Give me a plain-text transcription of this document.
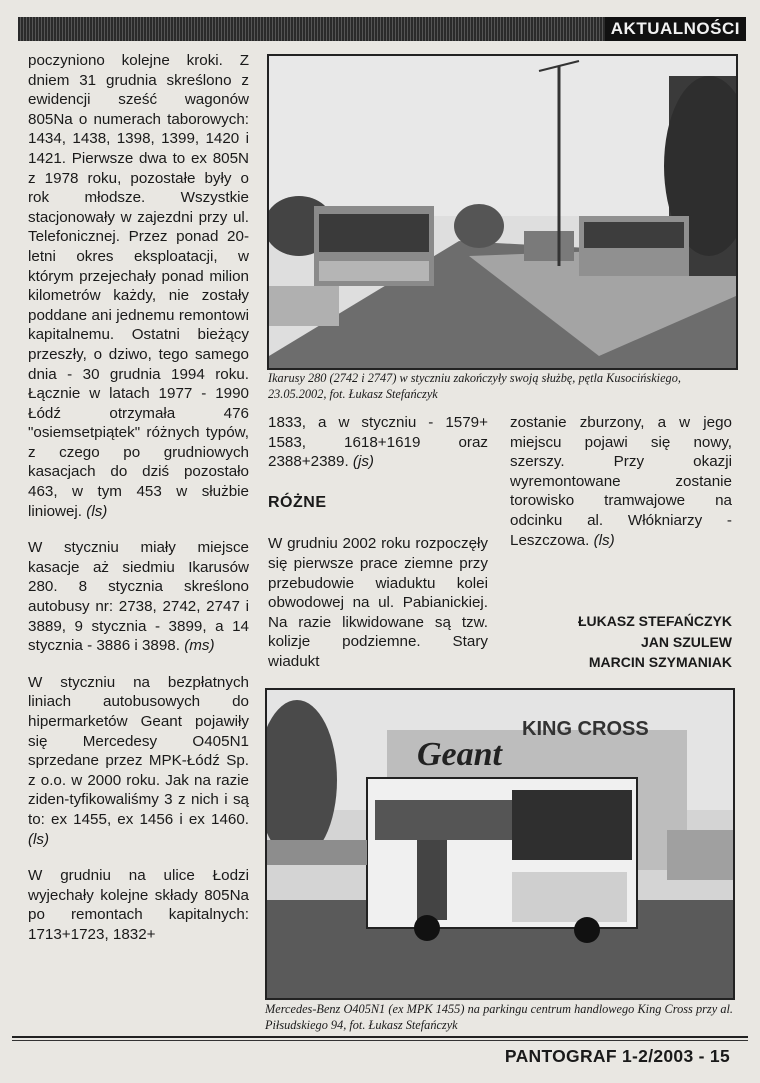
AKTUALNOŚCI

poczyniono kolejne kroki. Z dniem 31 grudnia skreślono z ewidencji sześć wagonów 805Na o numerach taborowych: 1434, 1438, 1398, 1399, 1420 i 1421. Pierwsze dwa to ex 805N z 1978 roku, pozostałe były o rok młodsze. Wszystkie stacjonowały w zajezdni przy ul. Telefonicznej. Przez ponad 20-letni okres eksploatacji, w którym przejechały ponad milion kilometrów każdy, nie zostały poddane ani jednemu remontowi kapitalnemu. Ostatni bieżący przeszły, o dziwo, tego samego dnia - 30 grudnia 1994 roku. Łącznie w latach 1977 - 1990 Łódź otrzymała 476 "osiemsetpiątek" różnych typów, z czego po grudniowych kasacjach do dziś pozostało 463, w tym 453 w służbie liniowej. (ls)

W styczniu miały miejsce kasacje aż siedmiu Ikarusów 280. 8 stycznia skreślono autobusy nr: 2738, 2742, 2747 i 3889, 9 stycznia - 3899, a 14 stycznia - 3886 i 3898. (ms)

W styczniu na bezpłatnych liniach autobusowych do hipermarketów Geant pojawiły się Mercedesy O405N1 sprzedane przez MPK-Łódź Sp. z o.o. w 2000 roku. Jak na razie ziden-tyfikowaliśmy 3 z nich i są to: ex 1455, ex 1456 i ex 1460. (ls)

W grudniu na ulice Łodzi wyjechały kolejne składy 805Na po remontach kapitalnych: 1713+1723, 1832+

Ikarusy 280 (2742 i 2747) w styczniu zakończyły swoją służbę, pętla Kusocińskiego, 23.05.2002, fot. Łukasz Stefańczyk

1833, a w styczniu - 1579+ 1583, 1618+1619 oraz 2388+2389. (js)

RÓŻNE

W grudniu 2002 roku rozpoczęły się pierwsze prace ziemne przy przebudowie wiaduktu kolei obwodowej na ul. Pabianickiej. Na razie likwidowane są tzw. kolizje podziemne. Stary wiadukt

zostanie zburzony, a w jego miejscu pojawi się nowy, szerszy. Przy okazji wyremontowane zostanie torowisko tramwajowe na odcinku al. Włókniarzy - Leszczowa. (ls)

ŁUKASZ STEFAŃCZYK
JAN SZULEW
MARCIN SZYMANIAK
Geant
KING CROSS
Mercedes-Benz O405N1 (ex MPK 1455) na parkingu centrum handlowego King Cross przy al. Piłsudskiego 94, fot. Łukasz Stefańczyk
PANTOGRAF 1-2/2003 - 15
